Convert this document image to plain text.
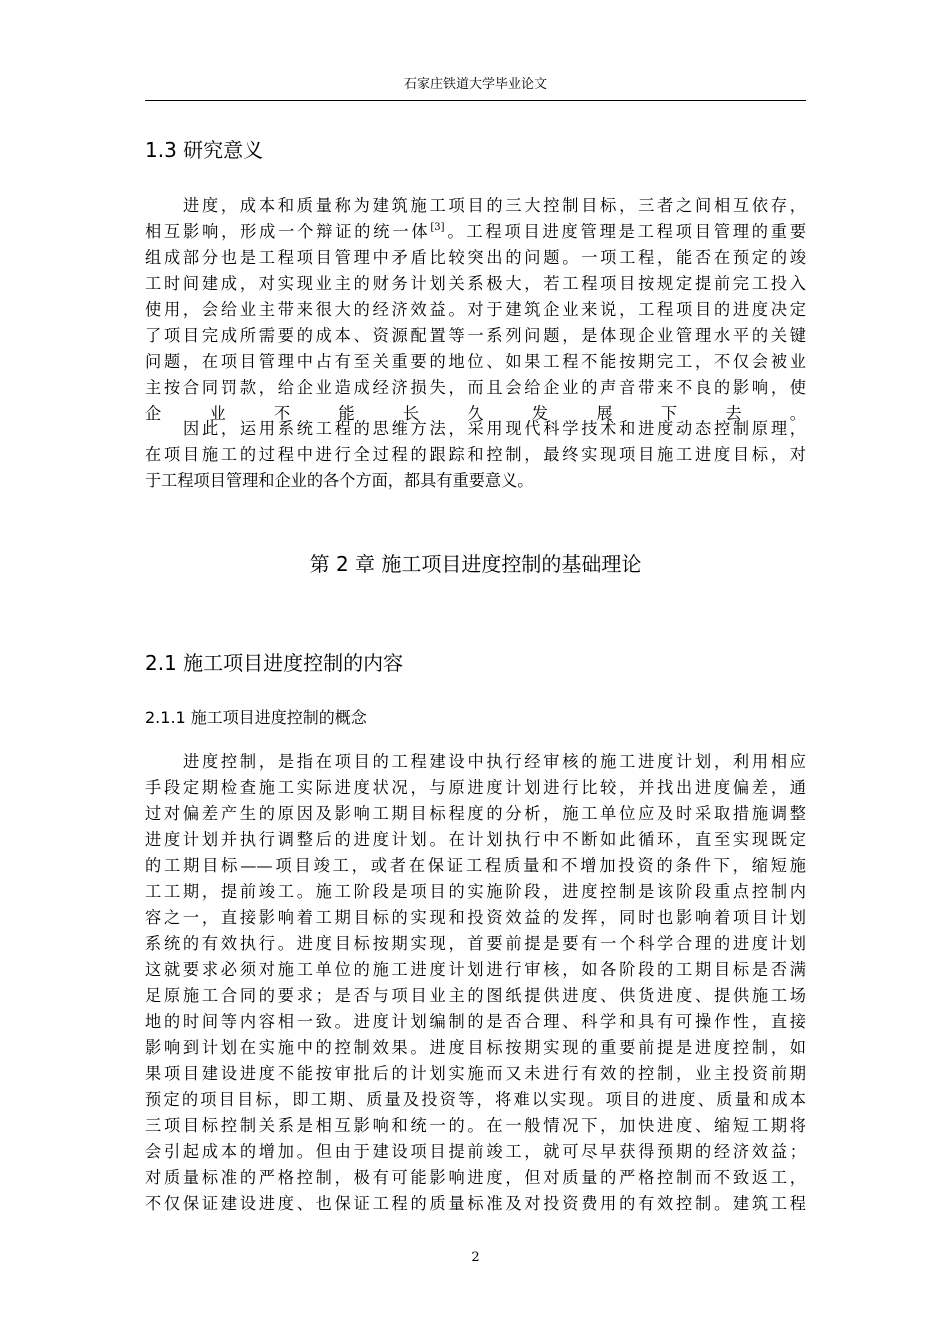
石家庄铁道大学毕业论文
1.3 研究意义
进度，成本和质量称为建筑施工项目的三大控制目标，三者之间相互依存，
相互影响，形成一个辩证的统一体[3]。工程项目进度管理是工程项目管理的重要
组成部分也是工程项目管理中矛盾比较突出的问题。一项工程，能否在预定的竣
工时间建成，对实现业主的财务计划关系极大，若工程项目按规定提前完工投入
使用，会给业主带来很大的经济效益。对于建筑企业来说，工程项目的进度决定
了项目完成所需要的成本、资源配置等一系列问题，是体现企业管理水平的关键
问题，在项目管理中占有至关重要的地位、如果工程不能按期完工，不仅会被业
主按合同罚款，给企业造成经济损失，而且会给企业的声音带来不良的影响，使
企业不能长久发展下去。
因此，运用系统工程的思维方法，采用现代科学技术和进度动态控制原理，
在项目施工的过程中进行全过程的跟踪和控制，最终实现项目施工进度目标，对
于工程项目管理和企业的各个方面，都具有重要意义。
第 2 章 施工项目进度控制的基础理论
2.1 施工项目进度控制的内容
2.1.1 施工项目进度控制的概念
进度控制，是指在项目的工程建设中执行经审核的施工进度计划，利用相应
手段定期检查施工实际进度状况，与原进度计划进行比较，并找出进度偏差，通
过对偏差产生的原因及影响工期目标程度的分析，施工单位应及时采取措施调整
进度计划并执行调整后的进度计划。在计划执行中不断如此循环，直至实现既定
的工期目标——项目竣工，或者在保证工程质量和不增加投资的条件下，缩短施
工工期，提前竣工。施工阶段是项目的实施阶段，进度控制是该阶段重点控制内
容之一，直接影响着工期目标的实现和投资效益的发挥，同时也影响着项目计划
系统的有效执行。进度目标按期实现，首要前提是要有一个科学合理的进度计划
这就要求必须对施工单位的施工进度计划进行审核，如各阶段的工期目标是否满
足原施工合同的要求；是否与项目业主的图纸提供进度、供货进度、提供施工场
地的时间等内容相一致。进度计划编制的是否合理、科学和具有可操作性，直接
影响到计划在实施中的控制效果。进度目标按期实现的重要前提是进度控制，如
果项目建设进度不能按审批后的计划实施而又未进行有效的控制，业主投资前期
预定的项目目标，即工期、质量及投资等，将难以实现。项目的进度、质量和成本
三项目标控制关系是相互影响和统一的。在一般情况下，加快进度、缩短工期将
会引起成本的增加。但由于建设项目提前竣工，就可尽早获得预期的经济效益；
对质量标准的严格控制，极有可能影响进度，但对质量的严格控制而不致返工，
不仅保证建设进度、也保证工程的质量标准及对投资费用的有效控制。建筑工程
2
